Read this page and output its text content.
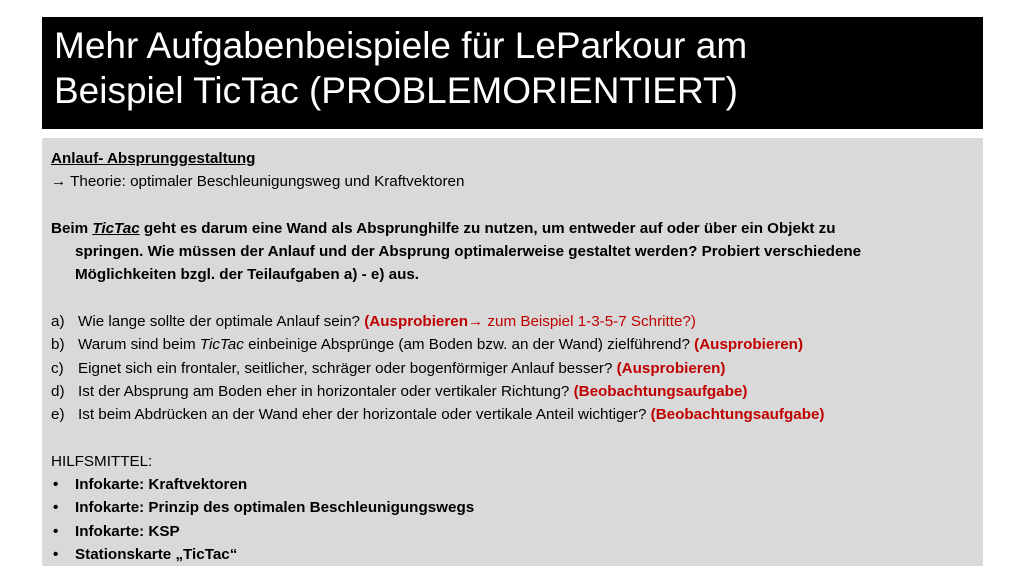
Mehr Aufgabenbeispiele für LeParkour am
Beispiel TicTac (PROBLEMORIENTIERT)
Anlauf- Absprunggestaltung
→ Theorie: optimaler Beschleunigungsweg und Kraftvektoren
Beim TicTac geht es darum eine Wand als Absprunghilfe zu nutzen, um entweder auf oder über ein Objekt zu
springen. Wie müssen der Anlauf und der Absprung optimalerweise gestaltet werden? Probiert verschiedene
Möglichkeiten bzgl. der Teilaufgaben a) - e) aus.
a) Wie lange sollte der optimale Anlauf sein? (Ausprobieren→ zum Beispiel 1-3-5-7 Schritte?)
b) Warum sind beim TicTac einbeinige Absprünge (am Boden bzw. an der Wand) zielführend? (Ausprobieren)
c) Eignet sich ein frontaler, seitlicher, schräger oder bogenförmiger Anlauf besser? (Ausprobieren)
d) Ist der Absprung am Boden eher in horizontaler oder vertikaler Richtung? (Beobachtungsaufgabe)
e) Ist beim Abdrücken an der Wand eher der horizontale oder vertikale Anteil wichtiger? (Beobachtungsaufgabe)
HILFSMITTEL:
•	Infokarte: Kraftvektoren
•	Infokarte: Prinzip des optimalen Beschleunigungswegs
•	Infokarte: KSP
•	Stationskarte „TicTac“
